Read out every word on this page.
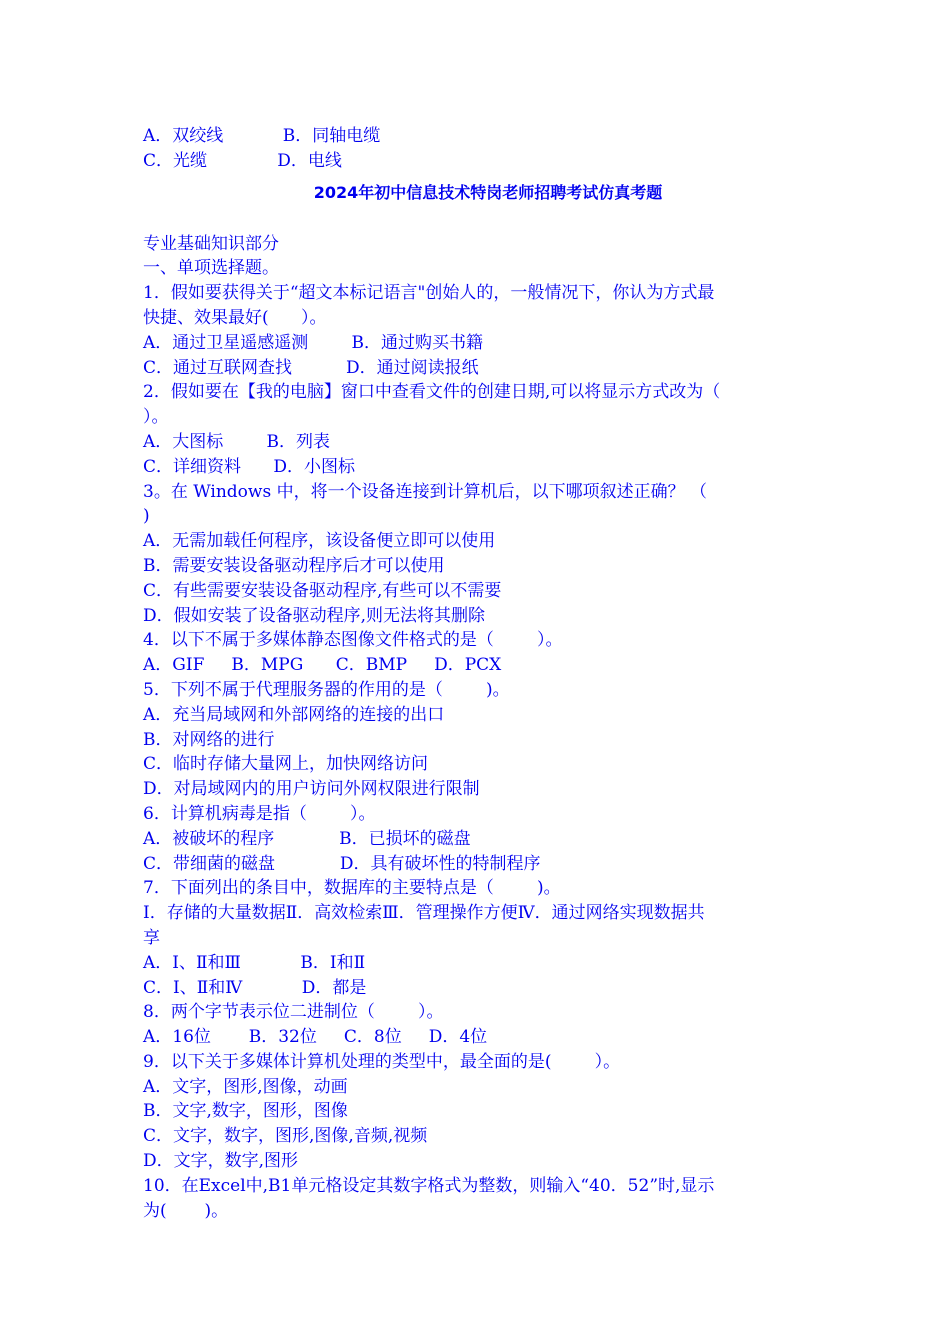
A．双绞线           B．同轴电缆
C．光缆             D．电线
2024年初中信息技术特岗老师招聘考试仿真考题
专业基础知识部分
一、单项选择题。
1．假如要获得关于“超文本标记语言"创始人的，一般情况下，你认为方式最
快捷、效果最好(      ）。
A．通过卫星遥感遥测        B．通过购买书籍
C．通过互联网查找          D．通过阅读报纸
2．假如要在【我的电脑】窗口中查看文件的创建日期,可以将显示方式改为（
）。
A．大图标        B．列表
C．详细资料      D．小图标
3。在 Windows 中，将一个设备连接到计算机后，以下哪项叙述正确？ （
)
A．无需加载任何程序，该设备便立即可以使用
B．需要安装设备驱动程序后才可以使用
C．有些需要安装设备驱动程序,有些可以不需要
D．假如安装了设备驱动程序,则无法将其删除
4．以下不属于多媒体静态图像文件格式的是（        ）。
A．GIF     B．MPG      C．BMP     D．PCX
5．下列不属于代理服务器的作用的是（        )。
A．充当局域网和外部网络的连接的出口
B．对网络的进行
C．临时存储大量网上，加快网络访问
D．对局域网内的用户访问外网权限进行限制
6．计算机病毒是指（        ）。
A．被破坏的程序            B．已损坏的磁盘
C．带细菌的磁盘            D．具有破坏性的特制程序
7．下面列出的条目中，数据库的主要特点是（        )。
Ⅰ．存储的大量数据Ⅱ．高效检索Ⅲ．管理操作方便Ⅳ．通过网络实现数据共
享
A．Ⅰ、Ⅱ和Ⅲ           B．Ⅰ和Ⅱ
C．Ⅰ、Ⅱ和Ⅳ           D．都是
8．两个字节表示位二进制位（        ）。
A．16位       B．32位     C．8位     D．4位
9．以下关于多媒体计算机处理的类型中，最全面的是(        ）。
A．文字，图形,图像，动画
B．文字,数字，图形，图像
C．文字，数字，图形,图像,音频,视频
D．文字，数字,图形
10．在Excel中,B1单元格设定其数字格式为整数，则输入“40．52”时,显示
为(       )。
